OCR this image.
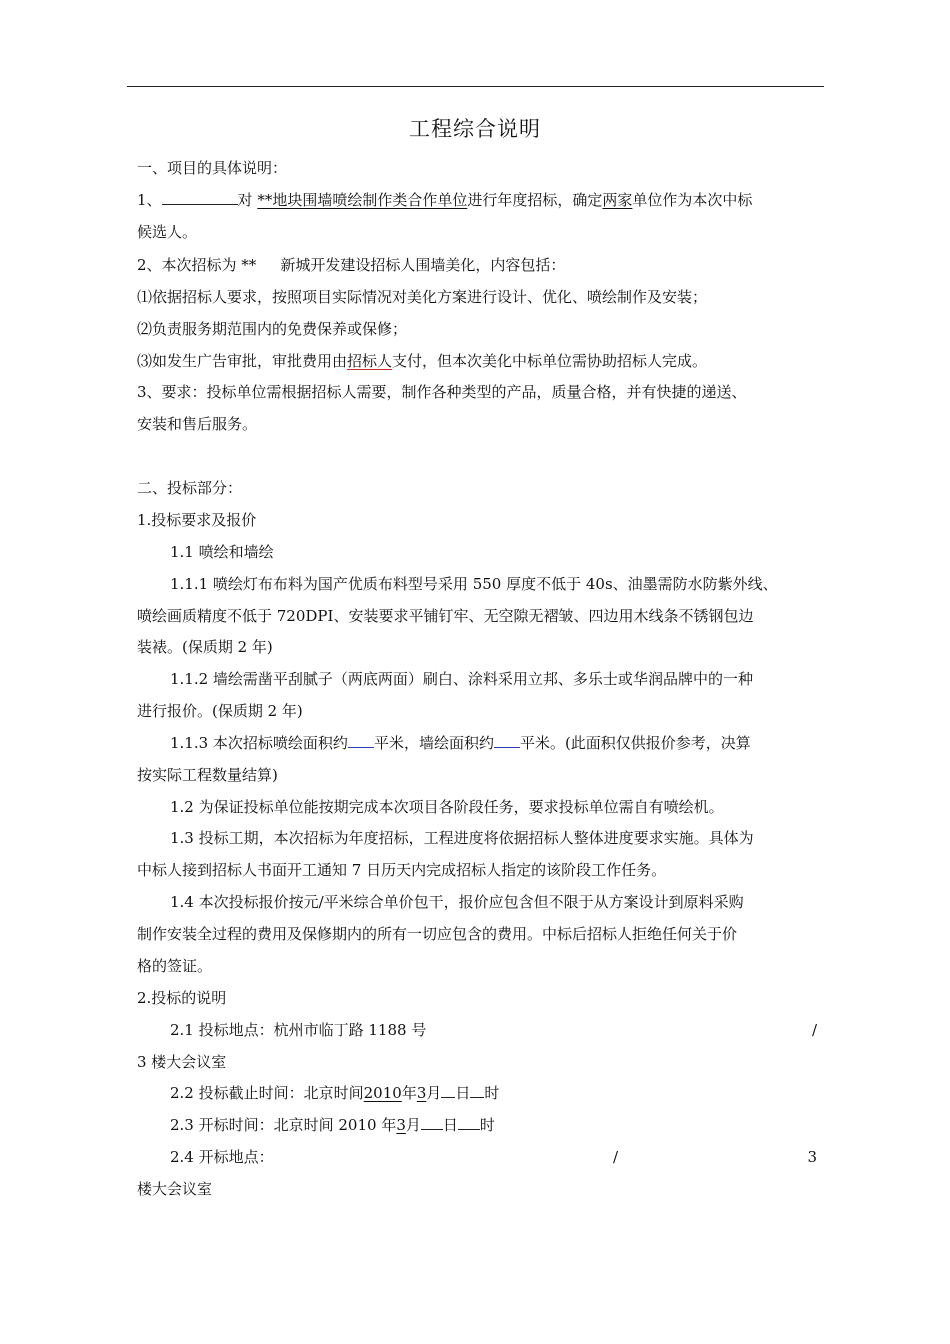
工程综合说明
一、项目的具体说明：
1、	对 **地块围墙喷绘制作类合作单位进行年度招标，确定两家单位作为本次中标
候选人。
2、本次招标为 ** 新城开发建设招标人围墙美化，内容包括：
⑴依据招标人要求，按照项目实际情况对美化方案进行设计、优化、喷绘制作及安装；
⑵负责服务期范围内的免费保养或保修；
⑶如发生广告审批，审批费用由招标人支付，但本次美化中标单位需协助招标人完成。
3、要求：投标单位需根据招标人需要，制作各种类型的产品，质量合格，并有快捷的递送、
安装和售后服务。
二、投标部分：
1.投标要求及报价
1.1 喷绘和墙绘
1.1.1 喷绘灯布布料为国产优质布料型号采用 550 厚度不低于 40s、油墨需防水防紫外线、
喷绘画质精度不低于 720DPI、安装要求平铺钉牢、无空隙无褶皱、四边用木线条不锈钢包边
装裱。(保质期 2 年)
1.1.2 墙绘需凿平刮腻子（两底两面）刷白、涂料采用立邦、多乐士或华润品牌中的一种
进行报价。(保质期 2 年)
1.1.3 本次招标喷绘面积约 平米，墙绘面积约 平米。(此面积仅供报价参考，决算
按实际工程数量结算)
1.2 为保证投标单位能按期完成本次项目各阶段任务，要求投标单位需自有喷绘机。
1.3 投标工期，本次招标为年度招标，工程进度将依据招标人整体进度要求实施。具体为
中标人接到招标人书面开工通知 7 日历天内完成招标人指定的该阶段工作任务。
1.4 本次投标报价按元/平米综合单价包干，报价应包含但不限于从方案设计到原料采购
制作安装全过程的费用及保修期内的所有一切应包含的费用。中标后招标人拒绝任何关于价
格的签证。
2.投标的说明
2.1 投标地点：杭州市临丁路 1188 号	/
3 楼大会议室
2.2 投标截止时间：北京时间2010年3月 日 时
2.3 开标时间：北京时间 2010 年3月 日 时
2.4 开标地点：	/	3
楼大会议室
